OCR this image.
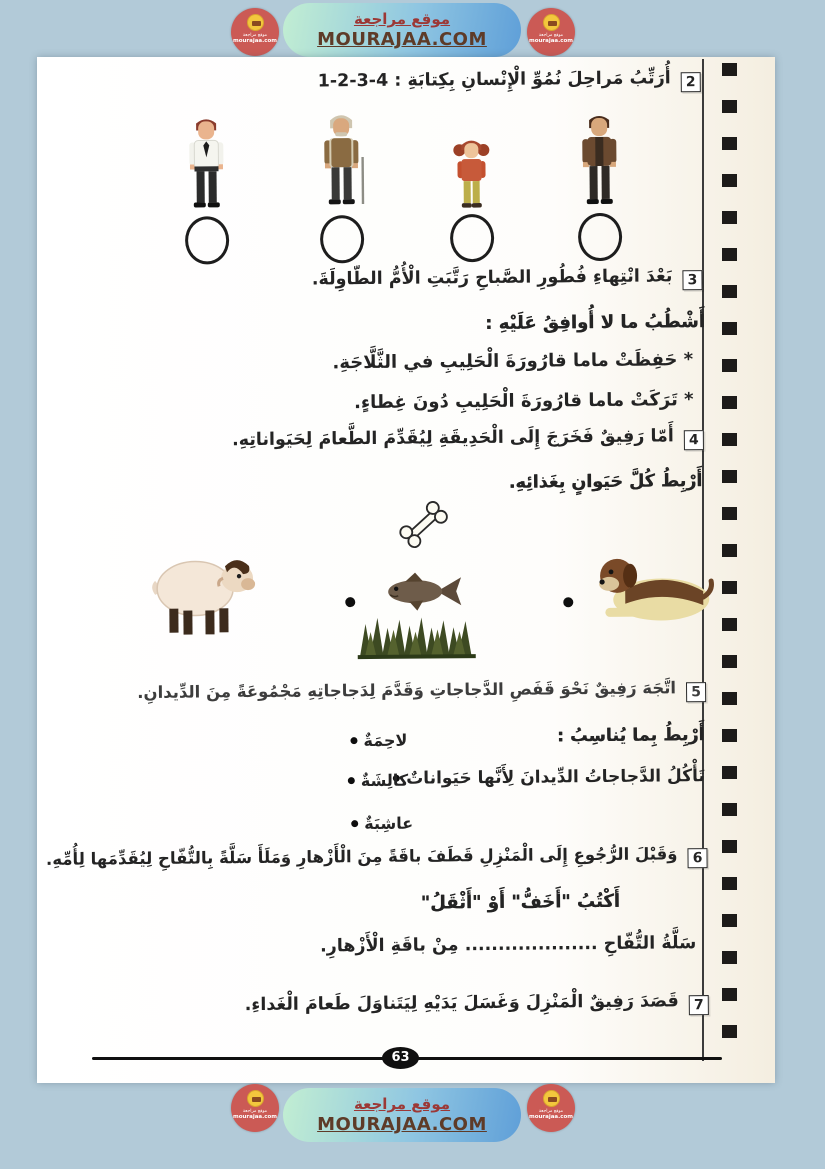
موقع مراجعة
mourajaa.com
موقع مراجعة
MOURAJAA.COM	موقع مراجعة
mourajaa.com
2أُرَتِّبُ مَراحِلَ نُمُوِّ الْإِنْسانِ بِكِتابَةِ : 4-3-2-1
3بَعْدَ انْتِهاءِ فُطُورِ الصَّباحِ رَتَّبَتِ الْأُمُّ الطّاوِلَةَ.
أَشْطُبُ ما لا أُوافِقُ عَلَيْهِ :
* حَفِظَتْ ماما قارُورَةَ الْحَلِيبِ في الثَّلَّاجَةِ.
* تَرَكَتْ ماما قارُورَةَ الْحَلِيبِ دُونَ غِطاءٍ.
4أَمّا رَفِيقٌ فَخَرَجَ إِلَى الْحَدِيقَةِ لِيُقَدِّمَ الطَّعامَ لِحَيَواناتِهِ.
أَرْبِطُ كُلَّ حَيَوانٍ بِغَذائِهِ.
5اتَّجَهَ رَفِيقٌ نَحْوَ قَفَصِ الدَّجاجاتِ وَقَدَّمَ لِدَجاجاتِهِ مَجْمُوعَةً مِنَ الدِّيدانِ.
أَرْبِطُ بِما يُناسِبُ :
لاحِمَةٌ
تَأْكُلُ الدَّجاجاتُ الدِّيدانَ لِأَنَّها حَيَواناتٌ
كالِشَةٌ
عاشِبَةٌ
6وَقَبْلَ الرُّجُوعِ إِلَى الْمَنْزِلِ قَطَفَ باقَةً مِنَ الْأَزْهارِ وَمَلَأَ سَلَّةً بِالتُّفّاحِ لِيُقَدِّمَها لِأُمِّهِ.
أَكْتُبُ "أَخَفُّ" أَوْ "أَثْقَلُ"
سَلَّةُ التُّفّاحِ .................... مِنْ باقَةِ الْأَزْهارِ.
7قَصَدَ رَفِيقٌ الْمَنْزِلَ وَغَسَلَ يَدَيْهِ لِيَتَناوَلَ طَعامَ الْغَداءِ.
63
موقع مراجعة
mourajaa.com
موقع مراجعة
MOURAJAA.COM
موقع مراجعة
mourajaa.com
